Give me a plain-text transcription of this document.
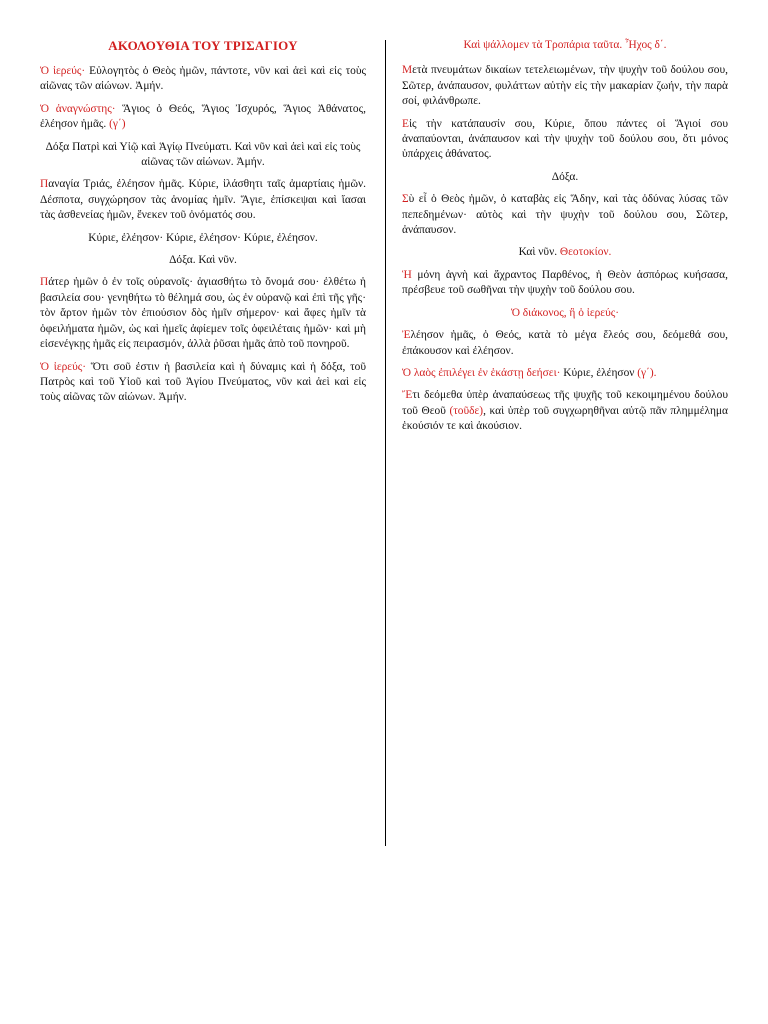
ΑΚΟΛΟΥΘΙΑ ΤΟΥ ΤΡΙΣΑΓΙΟΥ

Ὁ ἱερεύς· Εὐλογητὸς ὁ Θεὸς ἡμῶν, πάντοτε, νῦν καὶ ἀεὶ καὶ εἰς τοὺς αἰῶνας τῶν αἰώνων. Ἀμήν.

Ὁ ἀναγνώστης· Ἅγιος ὁ Θεός, Ἅγιος Ἰσχυρός, Ἅγιος Ἀθάνατος, ἐλέησον ἡμᾶς. (γ΄)

Δόξα Πατρὶ καὶ Υἱῷ καὶ Ἁγίῳ Πνεύματι. Καὶ νῦν καὶ ἀεὶ καὶ εἰς τοὺς αἰῶνας τῶν αἰώνων. Ἀμήν.

Παναγία Τριάς, ἐλέησον ἡμᾶς. Κύριε, ἱλάσθητι ταῖς ἁμαρτίαις ἡμῶν. Δέσποτα, συγχώρησον τὰς ἀνομίας ἡμῖν. Ἅγιε, ἐπίσκεψαι καὶ ἴασαι τὰς ἀσθενείας ἡμῶν, ἕνεκεν τοῦ ὀνόματός σου.

Κύριε, ἐλέησον· Κύριε, ἐλέησον· Κύριε, ἐλέησον.

Δόξα. Καὶ νῦν.

Πάτερ ἡμῶν ὁ ἐν τοῖς οὐρανοῖς· ἁγιασθήτω τὸ ὄνομά σου· ἐλθέτω ἡ βασιλεία σου· γενηθήτω τὸ θέλημά σου, ὡς ἐν οὐρανῷ καὶ ἐπὶ τῆς γῆς· τὸν ἄρτον ἡμῶν τὸν ἐπιούσιον δὸς ἡμῖν σήμερον· καὶ ἄφες ἡμῖν τὰ ὀφειλήματα ἡμῶν, ὡς καὶ ἡμεῖς ἀφίεμεν τοῖς ὀφειλέταις ἡμῶν· καὶ μὴ εἰσενέγκῃς ἡμᾶς εἰς πειρασμόν, ἀλλὰ ῥῦσαι ἡμᾶς ἀπὸ τοῦ πονηροῦ.

Ὁ ἱερεύς· Ὅτι σοῦ ἐστιν ἡ βασιλεία καὶ ἡ δύναμις καὶ ἡ δόξα, τοῦ Πατρὸς καὶ τοῦ Υἱοῦ καὶ τοῦ Ἁγίου Πνεύματος, νῦν καὶ ἀεὶ καὶ εἰς τοὺς αἰῶνας τῶν αἰώνων. Ἀμήν.

Καὶ ψάλλομεν τὰ Τροπάρια ταῦτα. Ἦχος δ΄.

Μετὰ πνευμάτων δικαίων τετελειωμένων, τὴν ψυχὴν τοῦ δούλου σου, Σῶτερ, ἀνάπαυσον, φυλάττων αὐτὴν εἰς τὴν μακαρίαν ζωήν, τὴν παρὰ σοί, φιλάνθρωπε.

Εἰς τὴν κατάπαυσίν σου, Κύριε, ὅπου πάντες οἱ Ἅγιοί σου ἀναπαύονται, ἀνάπαυσον καὶ τὴν ψυχὴν τοῦ δούλου σου, ὅτι μόνος ὑπάρχεις ἀθάνατος.

Δόξα.

Σὺ εἶ ὁ Θεὸς ἡμῶν, ὁ καταβὰς εἰς Ἅδην, καὶ τὰς ὀδύνας λύσας τῶν πεπεδημένων· αὐτὸς καὶ τὴν ψυχὴν τοῦ δούλου σου, Σῶτερ, ἀνάπαυσον.

Καὶ νῦν. Θεοτοκίον.

Ἡ μόνη ἁγνὴ καὶ ἄχραντος Παρθένος, ἡ Θεὸν ἀσπόρως κυήσασα, πρέσβευε τοῦ σωθῆναι τὴν ψυχὴν τοῦ δούλου σου.

Ὁ διάκονος, ἢ ὁ ἱερεύς·

Ἐλέησον ἡμᾶς, ὁ Θεός, κατὰ τὸ μέγα ἔλεός σου, δεόμεθά σου, ἐπάκουσον καὶ ἐλέησον.

Ὁ λαὸς ἐπιλέγει ἐν ἑκάστῃ δεήσει· Κύριε, ἐλέησον (γ΄).

Ἔτι δεόμεθα ὑπὲρ ἀναπαύσεως τῆς ψυχῆς τοῦ κεκοιμημένου δούλου τοῦ Θεοῦ (τοῦδε), καὶ ὑπὲρ τοῦ συγχωρηθῆναι αὐτῷ πᾶν πλημμέλημα ἑκούσιόν τε καὶ ἀκούσιον.
